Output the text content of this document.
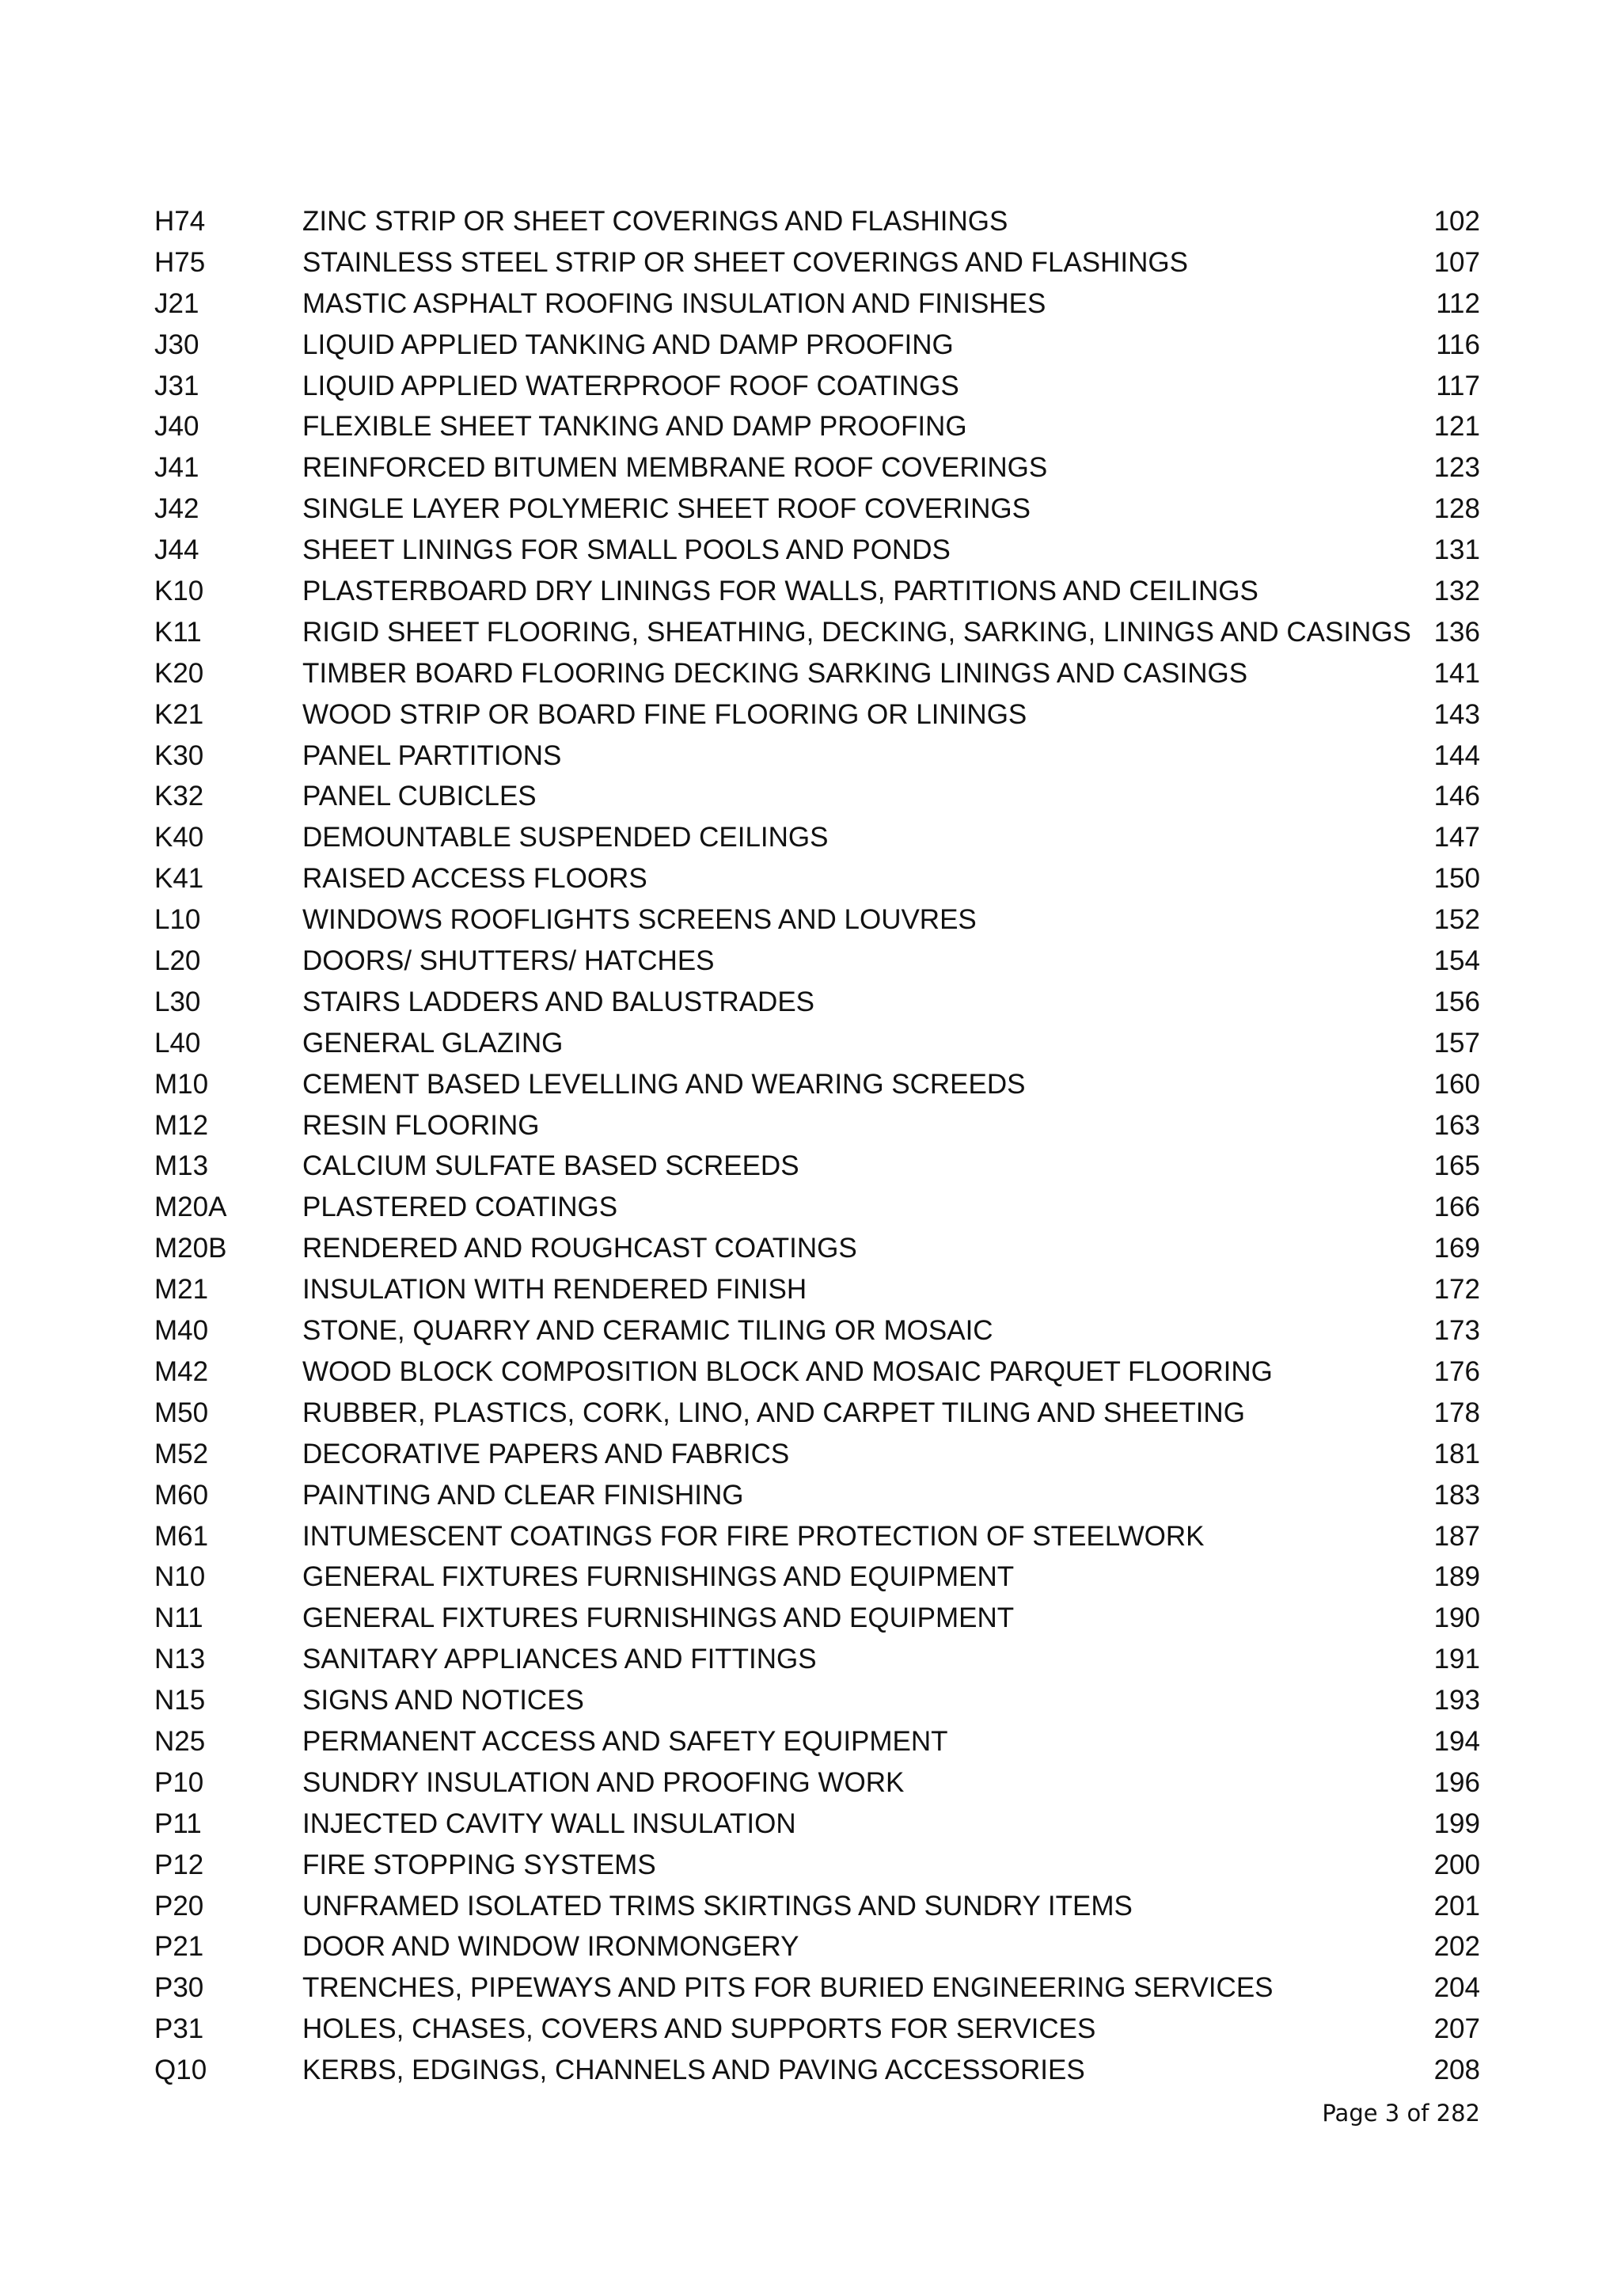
H74	ZINC STRIP OR SHEET COVERINGS AND FLASHINGS	102
H75	STAINLESS STEEL STRIP OR SHEET COVERINGS AND FLASHINGS	107
J21	MASTIC ASPHALT ROOFING INSULATION AND FINISHES	112
J30	LIQUID APPLIED TANKING AND DAMP PROOFING	116
J31	LIQUID APPLIED WATERPROOF ROOF COATINGS	117
J40	FLEXIBLE SHEET TANKING AND DAMP PROOFING	121
J41	REINFORCED BITUMEN MEMBRANE ROOF COVERINGS	123
J42	SINGLE LAYER POLYMERIC SHEET ROOF COVERINGS	128
J44	SHEET LININGS FOR SMALL POOLS AND PONDS	131
K10	PLASTERBOARD DRY LININGS FOR WALLS, PARTITIONS AND CEILINGS	132
K11	RIGID SHEET FLOORING, SHEATHING, DECKING, SARKING, LININGS AND CASINGS 136
K20	TIMBER BOARD FLOORING DECKING SARKING LININGS AND CASINGS	141
K21	WOOD STRIP OR BOARD FINE FLOORING OR LININGS	143
K30	PANEL PARTITIONS	144
K32	PANEL CUBICLES	146
K40	DEMOUNTABLE SUSPENDED CEILINGS	147
K41	RAISED ACCESS FLOORS	150
L10	WINDOWS ROOFLIGHTS SCREENS AND LOUVRES	152
L20	DOORS/ SHUTTERS/ HATCHES	154
L30	STAIRS LADDERS AND BALUSTRADES	156
L40	GENERAL GLAZING	157
M10	CEMENT BASED LEVELLING AND WEARING SCREEDS	160
M12	RESIN FLOORING	163
M13	CALCIUM SULFATE BASED SCREEDS	165
M20A	PLASTERED COATINGS	166
M20B	RENDERED AND ROUGHCAST COATINGS	169
M21	INSULATION WITH RENDERED FINISH	172
M40	STONE, QUARRY AND CERAMIC TILING OR MOSAIC	173
M42	WOOD BLOCK COMPOSITION BLOCK AND MOSAIC PARQUET FLOORING	176
M50	RUBBER, PLASTICS, CORK, LINO, AND CARPET TILING AND SHEETING	178
M52	DECORATIVE PAPERS AND FABRICS	181
M60	PAINTING AND CLEAR FINISHING	183
M61	INTUMESCENT COATINGS FOR FIRE PROTECTION OF STEELWORK	187
N10	GENERAL FIXTURES FURNISHINGS AND EQUIPMENT	189
N11	GENERAL FIXTURES FURNISHINGS AND EQUIPMENT	190
N13	SANITARY APPLIANCES AND FITTINGS	191
N15	SIGNS AND NOTICES	193
N25	PERMANENT ACCESS AND SAFETY EQUIPMENT	194
P10	SUNDRY INSULATION AND PROOFING WORK	196
P11	INJECTED CAVITY WALL INSULATION	199
P12	FIRE STOPPING SYSTEMS	200
P20	UNFRAMED ISOLATED TRIMS SKIRTINGS AND SUNDRY ITEMS	201
P21	DOOR AND WINDOW IRONMONGERY	202
P30	TRENCHES, PIPEWAYS AND PITS FOR BURIED ENGINEERING SERVICES	204
P31	HOLES, CHASES, COVERS AND SUPPORTS FOR SERVICES	207
Q10	KERBS, EDGINGS, CHANNELS AND PAVING ACCESSORIES	208
Page 3 of 282
